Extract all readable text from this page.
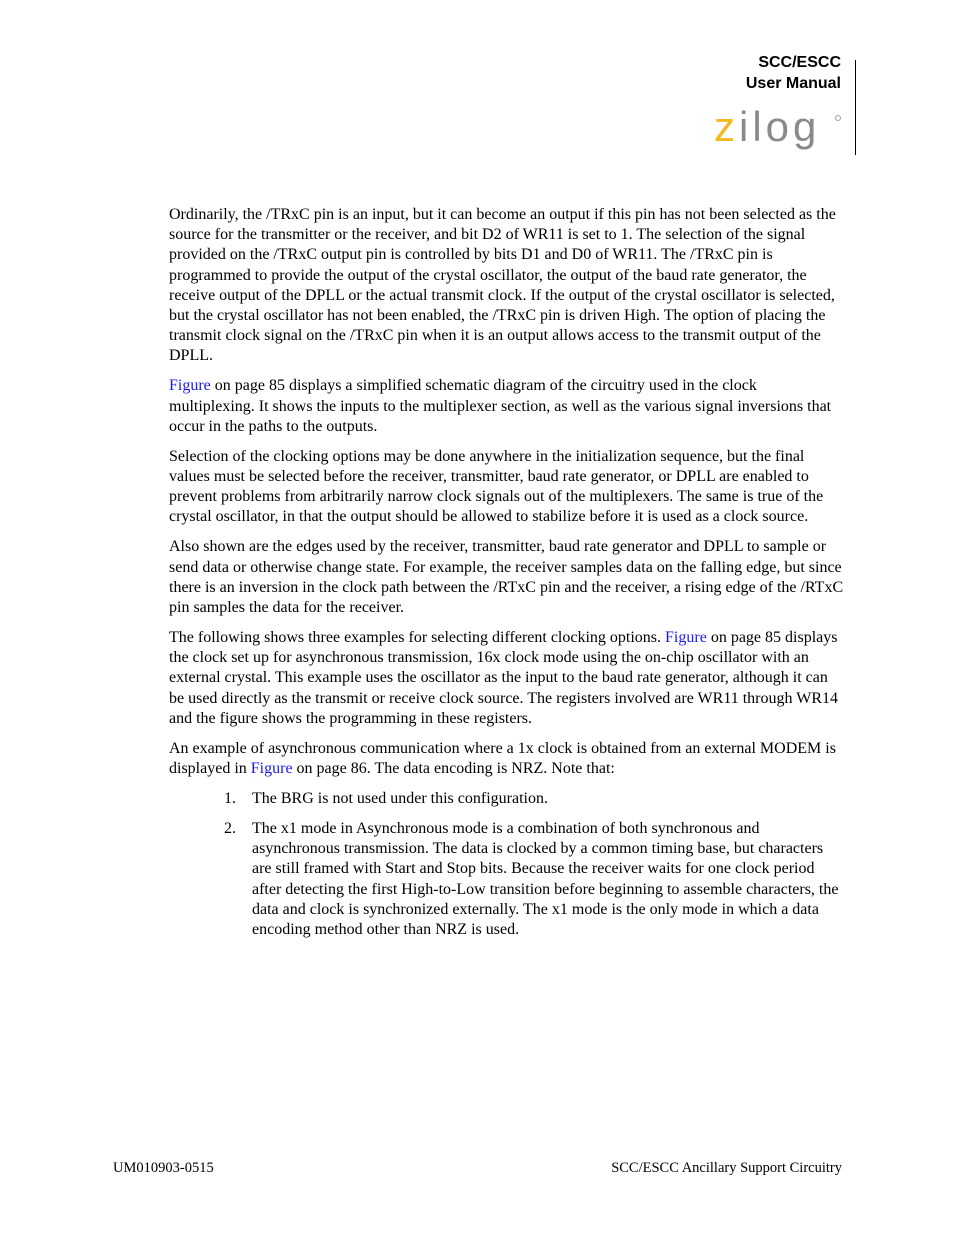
SCC/ESCC
User Manual
zilog

Ordinarily, the /TRxC pin is an input, but it can become an output if this pin has not been selected as the source for the transmitter or the receiver, and bit D2 of WR11 is set to 1. The selection of the signal provided on the /TRxC output pin is controlled by bits D1 and D0 of WR11. The /TRxC pin is programmed to provide the output of the crystal oscillator, the output of the baud rate generator, the receive output of the DPLL or the actual transmit clock. If the output of the crystal oscillator is selected, but the crystal oscillator has not been enabled, the /TRxC pin is driven High. The option of placing the transmit clock signal on the /TRxC pin when it is an output allows access to the transmit output of the DPLL.

Figure on page 85 displays a simplified schematic diagram of the circuitry used in the clock multiplexing. It shows the inputs to the multiplexer section, as well as the various signal inversions that occur in the paths to the outputs.

Selection of the clocking options may be done anywhere in the initialization sequence, but the final values must be selected before the receiver, transmitter, baud rate generator, or DPLL are enabled to prevent problems from arbitrarily narrow clock signals out of the multiplexers. The same is true of the crystal oscillator, in that the output should be allowed to stabilize before it is used as a clock source.

Also shown are the edges used by the receiver, transmitter, baud rate generator and DPLL to sample or send data or otherwise change state. For example, the receiver samples data on the falling edge, but since there is an inversion in the clock path between the /RTxC pin and the receiver, a rising edge of the /RTxC pin samples the data for the receiver.

The following shows three examples for selecting different clocking options. Figure on page 85 displays the clock set up for asynchronous transmission, 16x clock mode using the on-chip oscillator with an external crystal. This example uses the oscillator as the input to the baud rate generator, although it can be used directly as the transmit or receive clock source. The registers involved are WR11 through WR14 and the figure shows the programming in these registers.

An example of asynchronous communication where a 1x clock is obtained from an external MODEM is displayed in Figure on page 86. The data encoding is NRZ. Note that:

1. The BRG is not used under this configuration.
2. The x1 mode in Asynchronous mode is a combination of both synchronous and asynchronous transmission. The data is clocked by a common timing base, but characters are still framed with Start and Stop bits. Because the receiver waits for one clock period after detecting the first High-to-Low transition before beginning to assemble characters, the data and clock is synchronized externally. The x1 mode is the only mode in which a data encoding method other than NRZ is used.
UM010903-0515	SCC/ESCC Ancillary Support Circuitry
